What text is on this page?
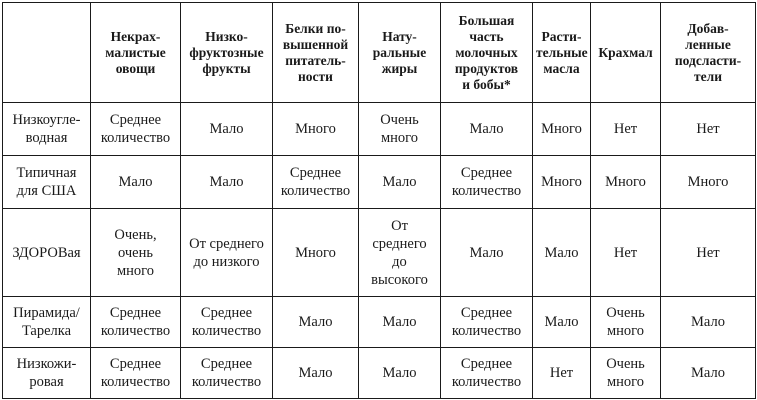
	Некрах-
малистые
овощи	Низко-
фруктозные
фрукты	Белки по-
вышенной
питатель-
ности	Нату-
ральные
жиры	Большая
часть
молочных
продуктов
и бобы*	Расти-
тельные
масла	Крахмал	Добав-
ленные
подсласти-
тели
Низкоугле-
водная	Среднее
количество	Мало	Много	Очень
много	Мало	Много	Нет	Нет
Типичная
для США	Мало	Мало	Среднее
количество	Мало	Среднее
количество	Много	Много	Много
ЗДОРОВая	Очень,
очень
много	От среднего
до низкого	Много	От
среднего
до
высокого	Мало	Мало	Нет	Нет
Пирамида/
Тарелка	Среднее
количество	Среднее
количество	Мало	Мало	Среднее
количество	Мало	Очень
много	Мало
Низкожи-
ровая	Среднее
количество	Среднее
количество	Мало	Мало	Среднее
количество	Нет	Очень
много	Мало
